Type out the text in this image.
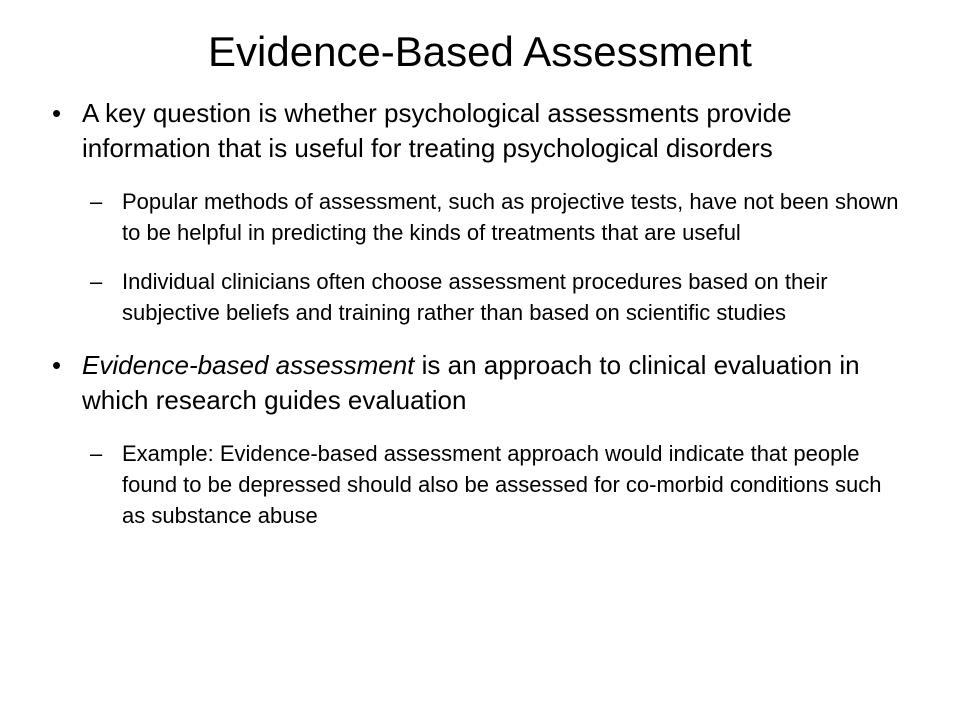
Evidence-Based Assessment
• A key question is whether psychological assessments provide information that is useful for treating psychological disorders
– Popular methods of assessment, such as projective tests, have not been shown to be helpful in predicting the kinds of treatments that are useful
– Individual clinicians often choose assessment procedures based on their subjective beliefs and training rather than based on scientific studies
• Evidence-based assessment is an approach to clinical evaluation in which research guides evaluation
– Example: Evidence-based assessment approach would indicate that people found to be depressed should also be assessed for co-morbid conditions such as substance abuse
